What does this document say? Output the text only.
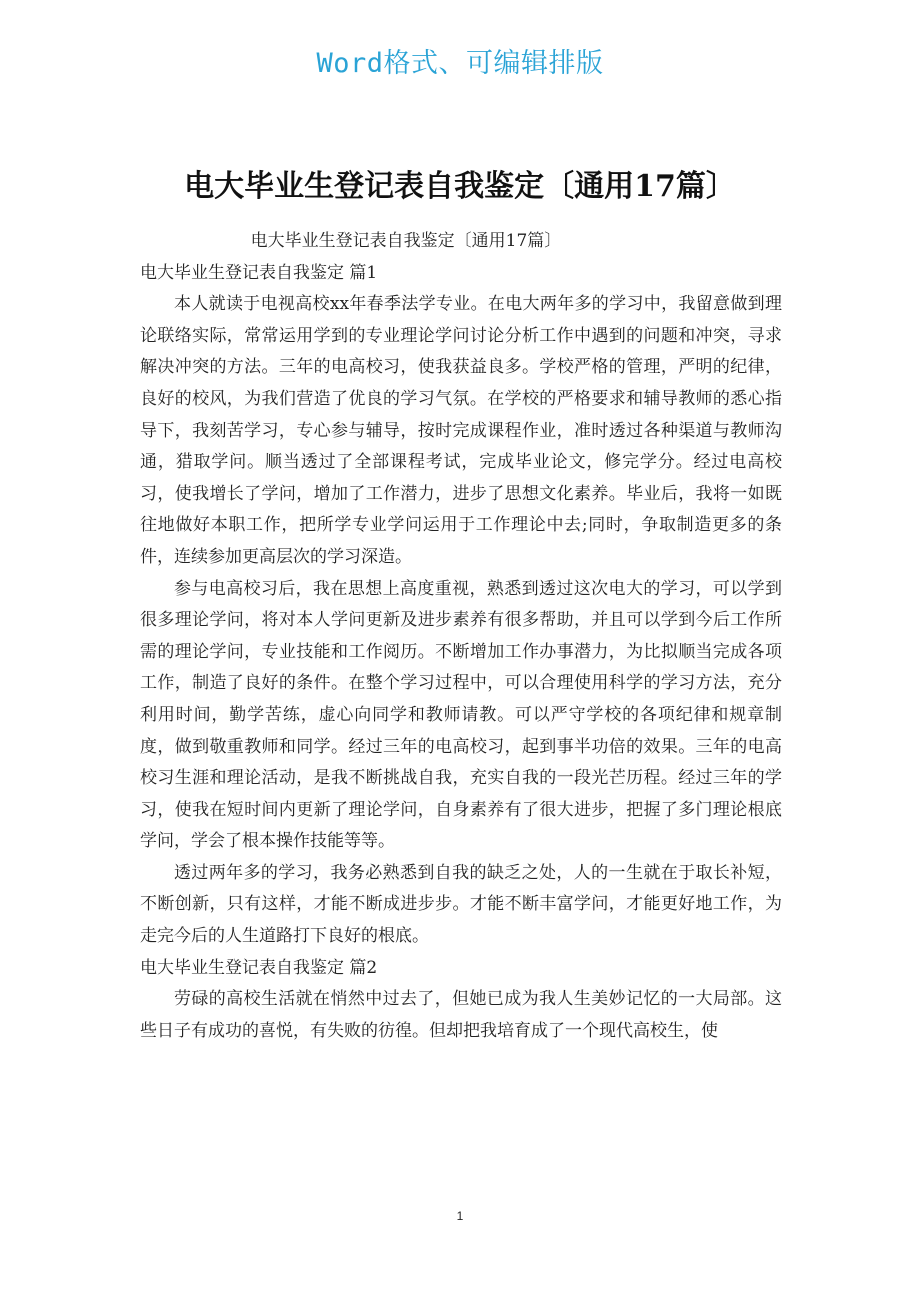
Word格式、可编辑排版
电大毕业生登记表自我鉴定〔通用17篇〕

电大毕业生登记表自我鉴定〔通用17篇〕

电大毕业生登记表自我鉴定 篇1

本人就读于电视高校xx年春季法学专业。在电大两年多的学习中，我留意做到理论联络实际，常常运用学到的专业理论学问讨论分析工作中遇到的问题和冲突，寻求解决冲突的方法。三年的电高校习，使我获益良多。学校严格的管理，严明的纪律，良好的校风，为我们营造了优良的学习气氛。在学校的严格要求和辅导教师的悉心指导下，我刻苦学习，专心参与辅导，按时完成课程作业，准时透过各种渠道与教师沟通，猎取学问。顺当透过了全部课程考试，完成毕业论文，修完学分。经过电高校习，使我增长了学问，增加了工作潜力，进步了思想文化素养。毕业后，我将一如既往地做好本职工作，把所学专业学问运用于工作理论中去;同时，争取制造更多的条件，连续参加更高层次的学习深造。

参与电高校习后，我在思想上高度重视，熟悉到透过这次电大的学习，可以学到很多理论学问，将对本人学问更新及进步素养有很多帮助，并且可以学到今后工作所需的理论学问，专业技能和工作阅历。不断增加工作办事潜力，为比拟顺当完成各项工作，制造了良好的条件。在整个学习过程中，可以合理使用科学的学习方法，充分利用时间，勤学苦练，虚心向同学和教师请教。可以严守学校的各项纪律和规章制度，做到敬重教师和同学。经过三年的电高校习，起到事半功倍的效果。三年的电高校习生涯和理论活动，是我不断挑战自我，充实自我的一段光芒历程。经过三年的学习，使我在短时间内更新了理论学问，自身素养有了很大进步，把握了多门理论根底学问，学会了根本操作技能等等。

透过两年多的学习，我务必熟悉到自我的缺乏之处，人的一生就在于取长补短，不断创新，只有这样，才能不断成进步步。才能不断丰富学问，才能更好地工作，为走完今后的人生道路打下良好的根底。

电大毕业生登记表自我鉴定 篇2

劳碌的高校生活就在悄然中过去了，但她已成为我人生美妙记忆的一大局部。这些日子有成功的喜悦，有失败的彷徨。但却把我培育成了一个现代高校生，使

1
